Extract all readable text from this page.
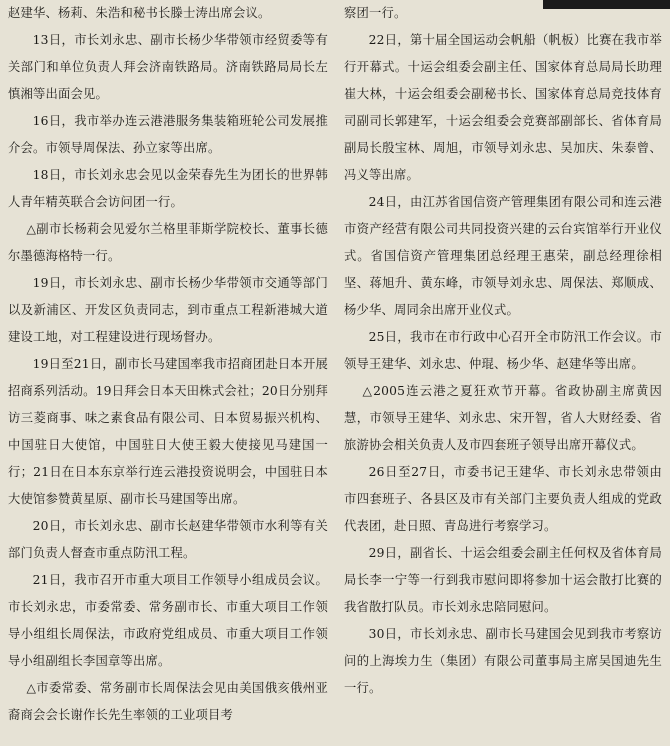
赵建华、杨莉、朱浩和秘书长滕士涛出席会议。

13日，市长刘永忠、副市长杨少华带领市经贸委等有关部门和单位负责人拜会济南铁路局。济南铁路局局长左慎湘等出面会见。

16日，我市举办连云港港服务集装箱班轮公司发展推介会。市领导周保法、孙立家等出席。

18日，市长刘永忠会见以金荣春先生为团长的世界韩人青年精英联合会访问团一行。

△副市长杨莉会见爱尔兰格里菲斯学院校长、董事长德尔墨德海格特一行。

19日，市长刘永忠、副市长杨少华带领市交通等部门以及新浦区、开发区负责同志，到市重点工程新港城大道建设工地，对工程建设进行现场督办。

19日至21日，副市长马建国率我市招商团赴日本开展招商系列活动。19日拜会日本天田株式会社；20日分别拜访三菱商事、味之素食品有限公司、日本贸易振兴机构、中国驻日大使馆，中国驻日大使王毅大使接见马建国一行；21日在日本东京举行连云港投资说明会，中国驻日本大使馆参赞黄星原、副市长马建国等出席。

20日，市长刘永忠、副市长赵建华带领市水利等有关部门负责人督查市重点防汛工程。

21日，我市召开市重大项目工作领导小组成员会议。市长刘永忠，市委常委、常务副市长、市重大项目工作领导小组组长周保法，市政府党组成员、市重大项目工作领导小组副组长李国章等出席。

△市委常委、常务副市长周保法会见由美国俄亥俄州亚裔商会会长谢作长先生率领的工业项目考

察团一行。

22日，第十届全国运动会帆船（帆板）比赛在我市举行开幕式。十运会组委会副主任、国家体育总局局长助理崔大林，十运会组委会副秘书长、国家体育总局竞技体育司副司长郭建军，十运会组委会竞赛部副部长、省体育局副局长殷宝林、周旭，市领导刘永忠、吴加庆、朱泰曾、冯义等出席。

24日，由江苏省国信资产管理集团有限公司和连云港市资产经营有限公司共同投资兴建的云台宾馆举行开业仪式。省国信资产管理集团总经理王惠荣，副总经理徐相坚、蒋旭升、黄东峰，市领导刘永忠、周保法、郑顺成、杨少华、周同余出席开业仪式。

25日，我市在市行政中心召开全市防汛工作会议。市领导王建华、刘永忠、仲琨、杨少华、赵建华等出席。

△2005连云港之夏狂欢节开幕。省政协副主席黄因慧，市领导王建华、刘永忠、宋开智，省人大财经委、省旅游协会相关负责人及市四套班子领导出席开幕仪式。

26日至27日，市委书记王建华、市长刘永忠带领由市四套班子、各县区及市有关部门主要负责人组成的党政代表团，赴日照、青岛进行考察学习。

29日，副省长、十运会组委会副主任何权及省体育局局长李一宁等一行到我市慰问即将参加十运会散打比赛的我省散打队员。市长刘永忠陪同慰问。

30日，市长刘永忠、副市长马建国会见到我市考察访问的上海埃力生（集团）有限公司董事局主席吴国迪先生一行。
